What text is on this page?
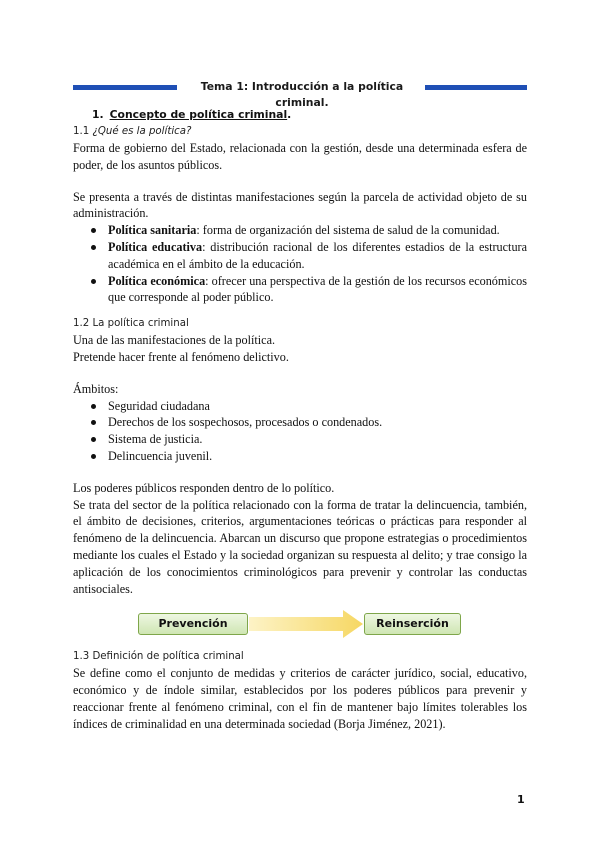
Tema 1: Introducción a la política criminal.
1. Concepto de política criminal.
1.1 ¿Qué es la política?

Forma de gobierno del Estado, relacionada con la gestión, desde una determinada esfera de poder, de los asuntos públicos.

Se presenta a través de distintas manifestaciones según la parcela de actividad objeto de su administración.

Política sanitaria: forma de organización del sistema de salud de la comunidad.
Política educativa: distribución racional de los diferentes estadios de la estructura académica en el ámbito de la educación.
Política económica: ofrecer una perspectiva de la gestión de los recursos económicos que corresponde al poder público.
1.2 La política criminal

Una de las manifestaciones de la política.

Pretende hacer frente al fenómeno delictivo.

Ámbitos:

Seguridad ciudadana
Derechos de los sospechosos, procesados o condenados.
Sistema de justicia.
Delincuencia juvenil.

Los poderes públicos responden dentro de lo político.

Se trata del sector de la política relacionado con la forma de tratar la delincuencia, también, el ámbito de decisiones, criterios, argumentaciones teóricas o prácticas para responder al fenómeno de la delincuencia. Abarcan un discurso que propone estrategias o procedimientos mediante los cuales el Estado y la sociedad organizan su respuesta al delito; y trae consigo la aplicación de los conocimientos criminológicos para prevenir y controlar las conductas antisociales.

Prevención	Reinserción
1.3 Definición de política criminal

Se define como el conjunto de medidas y criterios de carácter jurídico, social, educativo, económico y de índole similar, establecidos por los poderes públicos para prevenir y reaccionar frente al fenómeno criminal, con el fin de mantener bajo límites tolerables los índices de criminalidad en una determinada sociedad (Borja Jiménez, 2021).

1
